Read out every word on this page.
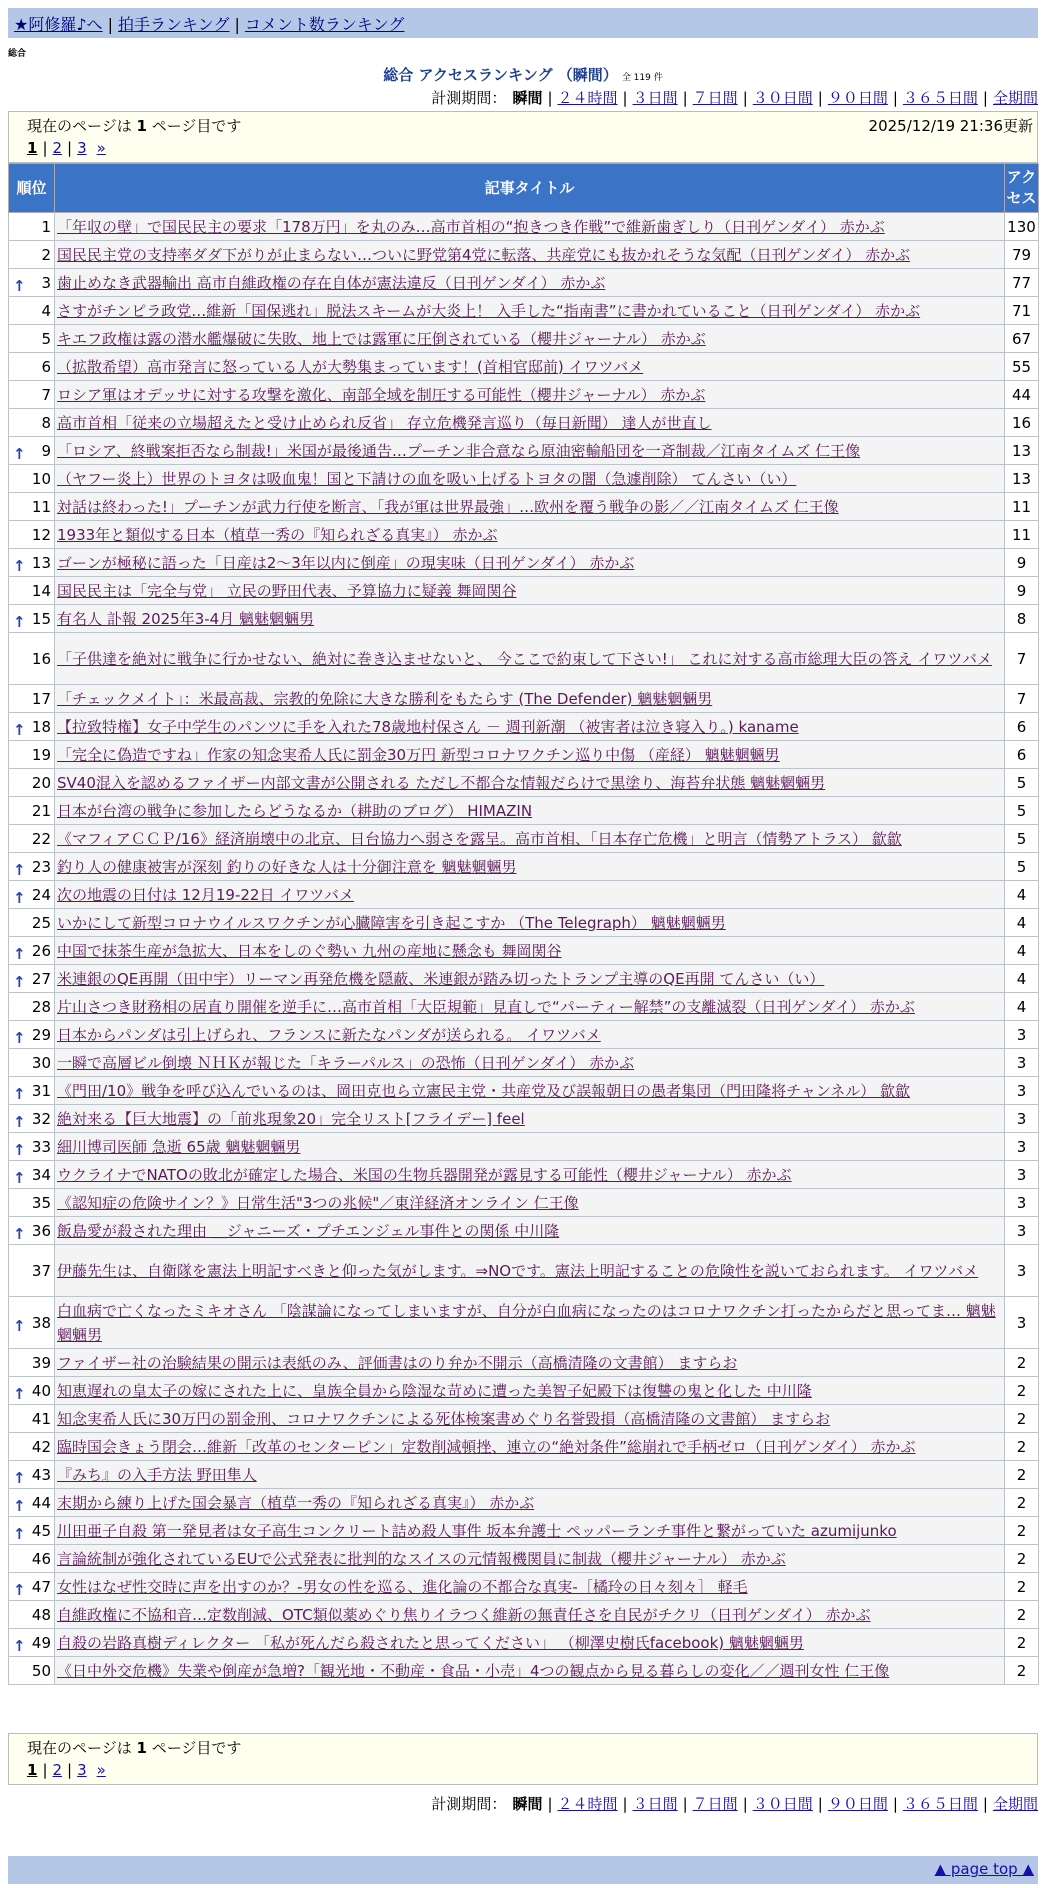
★阿修羅♪へ | 拍手ランキング | コメント数ランキング
総合
総合 アクセスランキング （瞬間） 全 119 件
計測期間： 瞬間 | ２４時間 | ３日間 | ７日間 | ３０日間 | ９０日間 | ３６５日間 | 全期間
現在のページは 1 ページ目です	2025/12/19 21:36更新
1 | 2 | 3 »
順位	記事タイトル	アクセス
1	「年収の壁」で国民民主の要求「178万円」を丸のみ…高市首相の“抱きつき作戦”で維新歯ぎしり（日刊ゲンダイ） 赤かぶ	130
2	国民民主党の支持率ダダ下がりが止まらない…ついに野党第4党に転落、共産党にも抜かれそうな気配（日刊ゲンダイ） 赤かぶ	79

↑ 3	歯止めなき武器輸出 高市自維政権の存在自体が憲法違反（日刊ゲンダイ） 赤かぶ	77
4	さすがチンピラ政党…維新「国保逃れ」脱法スキームが大炎上！ 入手した“指南書”に書かれていること（日刊ゲンダイ） 赤かぶ	71
5	キエフ政権は露の潜水艦爆破に失敗、地上では露軍に圧倒されている（櫻井ジャーナル） 赤かぶ	67
6	（拡散希望）高市発言に怒っている人が大勢集まっています！(首相官邸前) イワツバメ	55
7	ロシア軍はオデッサに対する攻撃を激化、南部全域を制圧する可能性（櫻井ジャーナル） 赤かぶ	44
8	高市首相「従来の立場超えたと受け止められ反省」 存立危機発言巡り（毎日新聞） 達人が世直し	16

↑ 9	「ロシア、終戦案拒否なら制裁!」米国が最後通告…プーチン非合意なら原油密輸船団を一斉制裁／江南タイムズ 仁王像	13
10	（ヤフー炎上）世界のトヨタは吸血鬼！国と下請けの血を吸い上げるトヨタの闇（急遽削除） てんさい（い）	13
11	対話は終わった!」プーチンが武力行使を断言、「我が軍は世界最強」…欧州を覆う戦争の影／／江南タイムズ 仁王像	11
12	1933年と類似する日本（植草一秀の『知られざる真実』） 赤かぶ	11

↑ 13	ゴーンが極秘に語った「日産は2～3年以内に倒産」の現実味（日刊ゲンダイ） 赤かぶ	9
14	国民民主は「完全与党」 立民の野田代表、予算協力に疑義 舞岡関谷	9

↑ 15	有名人 訃報 2025年3-4月 魑魅魍魎男	8
16	「子供達を絶対に戦争に行かせない、絶対に巻き込ませないと、 今ここで約束して下さい!」 これに対する高市総理大臣の答え イワツバメ	7
17	「チェックメイト」：米最高裁、宗教的免除に大きな勝利をもたらす (The Defender) 魑魅魍魎男	7

↑ 18	【拉致特権】女子中学生のパンツに手を入れた78歳地村保さん － 週刊新潮 （被害者は泣き寝入り。) kaname	6
19	「完全に偽造ですね」作家の知念実希人氏に罰金30万円 新型コロナワクチン巡り中傷 （産経） 魑魅魍魎男	6
20	SV40混入を認めるファイザー内部文書が公開される ただし不都合な情報だらけで黒塗り、海苔弁状態 魑魅魍魎男	5
21	日本が台湾の戦争に参加したらどうなるか（耕助のブログ） HIMAZIN	5
22	《マフィアＣＣＰ/16》経済崩壊中の北京、日台協力へ弱さを露呈。高市首相、「日本存亡危機」と明言（情勢アトラス） 歙歙	5

↑ 23	釣り人の健康被害が深刻 釣りの好きな人は十分御注意を 魑魅魍魎男	5

↑ 24	次の地震の日付は 12月19-22日 イワツバメ	4
25	いかにして新型コロナウイルスワクチンが心臓障害を引き起こすか （The Telegraph） 魑魅魍魎男	4

↑ 26	中国で抹茶生産が急拡大、日本をしのぐ勢い 九州の産地に懸念も 舞岡関谷	4

↑ 27	米連銀のQE再開（田中宇）リーマン再発危機を隠蔽、米連銀が踏み切ったトランプ主導のQE再開 てんさい（い）	4
28	片山さつき財務相の居直り開催を逆手に…高市首相「大臣規範」見直しで“パーティー解禁”の支離滅裂（日刊ゲンダイ） 赤かぶ	4

↑ 29	日本からパンダは引上げられ、フランスに新たなパンダが送られる。 イワツバメ	3
30	一瞬で高層ビル倒壊 ＮＨＫが報じた「キラーパルス」の恐怖（日刊ゲンダイ） 赤かぶ	3

↑ 31	《門田/10》戦争を呼び込んでいるのは、岡田克也ら立憲民主党・共産党及び誤報朝日の愚者集団（門田隆将チャンネル） 歙歙	3

↑ 32	絶対来る【巨大地震】の「前兆現象20」完全リスト[フライデー] feel	3

↑ 33	細川博司医師 急逝 65歳 魑魅魍魎男	3

↑ 34	ウクライナでNATOの敗北が確定した場合、米国の生物兵器開発が露見する可能性（櫻井ジャーナル） 赤かぶ	3
35	《認知症の危険サイン？》日常生活"3つの兆候"／東洋経済オンライン 仁王像	3

↑ 36	飯島愛が殺された理由 ＿ジャニーズ・プチエンジェル事件との関係 中川隆	3
37	伊藤先生は、自衛隊を憲法上明記すべきと仰った気がします。⇒NOです。憲法上明記することの危険性を説いておられます。 イワツバメ	3

↑ 38	白血病で亡くなったミキオさん 「陰謀論になってしまいますが、自分が白血病になったのはコロナワクチン打ったからだと思ってま… 魑魅魍魎男	3
39	ファイザー社の治験結果の開示は表紙のみ、評価書はのり弁か不開示（高橋清隆の文書館） ますらお	2

↑ 40	知恵遅れの皇太子の嫁にされた上に、皇族全員から陰湿な苛めに遭った美智子妃殿下は復讐の鬼と化した 中川隆	2
41	知念実希人氏に30万円の罰金刑、コロナワクチンによる死体検案書めぐり名誉毀損（高橋清隆の文書館） ますらお	2
42	臨時国会きょう閉会…維新「改革のセンターピン」定数削減頓挫、連立の“絶対条件”総崩れで手柄ゼロ（日刊ゲンダイ） 赤かぶ	2

↑ 43	『みち』の入手方法 野田隼人	2

↑ 44	末期から練り上げた国会暴言（植草一秀の『知られざる真実』） 赤かぶ	2

↑ 45	川田亜子自殺 第一発見者は女子高生コンクリート詰め殺人事件 坂本弁護士 ペッパーランチ事件と繋がっていた azumijunko	2
46	言論統制が強化されているEUで公式発表に批判的なスイスの元情報機関員に制裁（櫻井ジャーナル） 赤かぶ	2

↑ 47	女性はなぜ性交時に声を出すのか？-男女の性を巡る、進化論の不都合な真実-［橘玲の日々刻々］ 軽毛	2
48	自維政権に不協和音…定数削減、OTC類似薬めぐり焦りイラつく維新の無責任さを自民がチクリ（日刊ゲンダイ） 赤かぶ	2

↑ 49	自殺の岩路真樹ディレクター 「私が死んだら殺されたと思ってください」 （柳澤史樹氏facebook) 魑魅魍魎男	2
50	《日中外交危機》失業や倒産が急増?「観光地・不動産・食品・小売」4つの観点から見る暮らしの変化／／週刊女性 仁王像	2
現在のページは 1 ページ目です
1 | 2 | 3 »
計測期間： 瞬間 | ２４時間 | ３日間 | ７日間 | ３０日間 | ９０日間 | ３６５日間 | 全期間
▲ page top ▲
